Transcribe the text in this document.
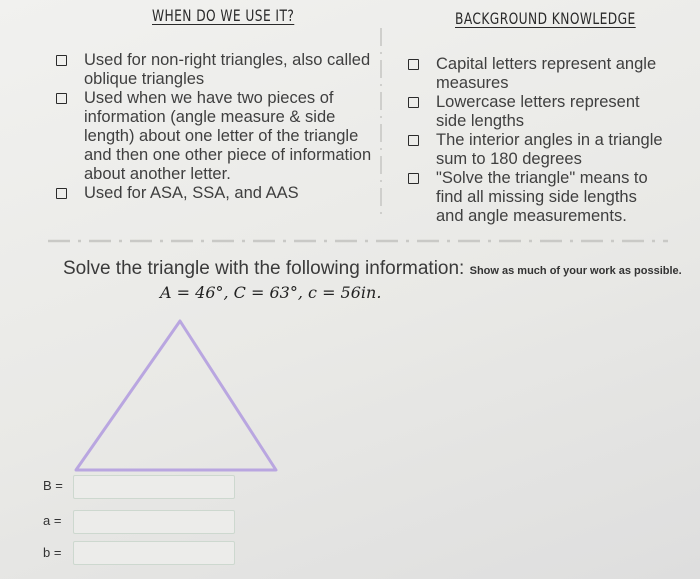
WHEN DO WE USE IT?	BACKGROUND KNOWLEDGE
Used for non-right triangles, also called oblique triangles
Used when we have two pieces of information (angle measure & side length) about one letter of the triangle and then one other piece of information about another letter.
Used for ASA, SSA, and AAS
Capital letters represent angle measures
Lowercase letters represent side lengths
The interior angles in a triangle sum to 180 degrees
"Solve the triangle" means to find all missing side lengths and angle measurements.
Solve the triangle with the following information: Show as much of your work as possible.
A = 46°, C = 63°, c = 56in.
B =
a =
b =
